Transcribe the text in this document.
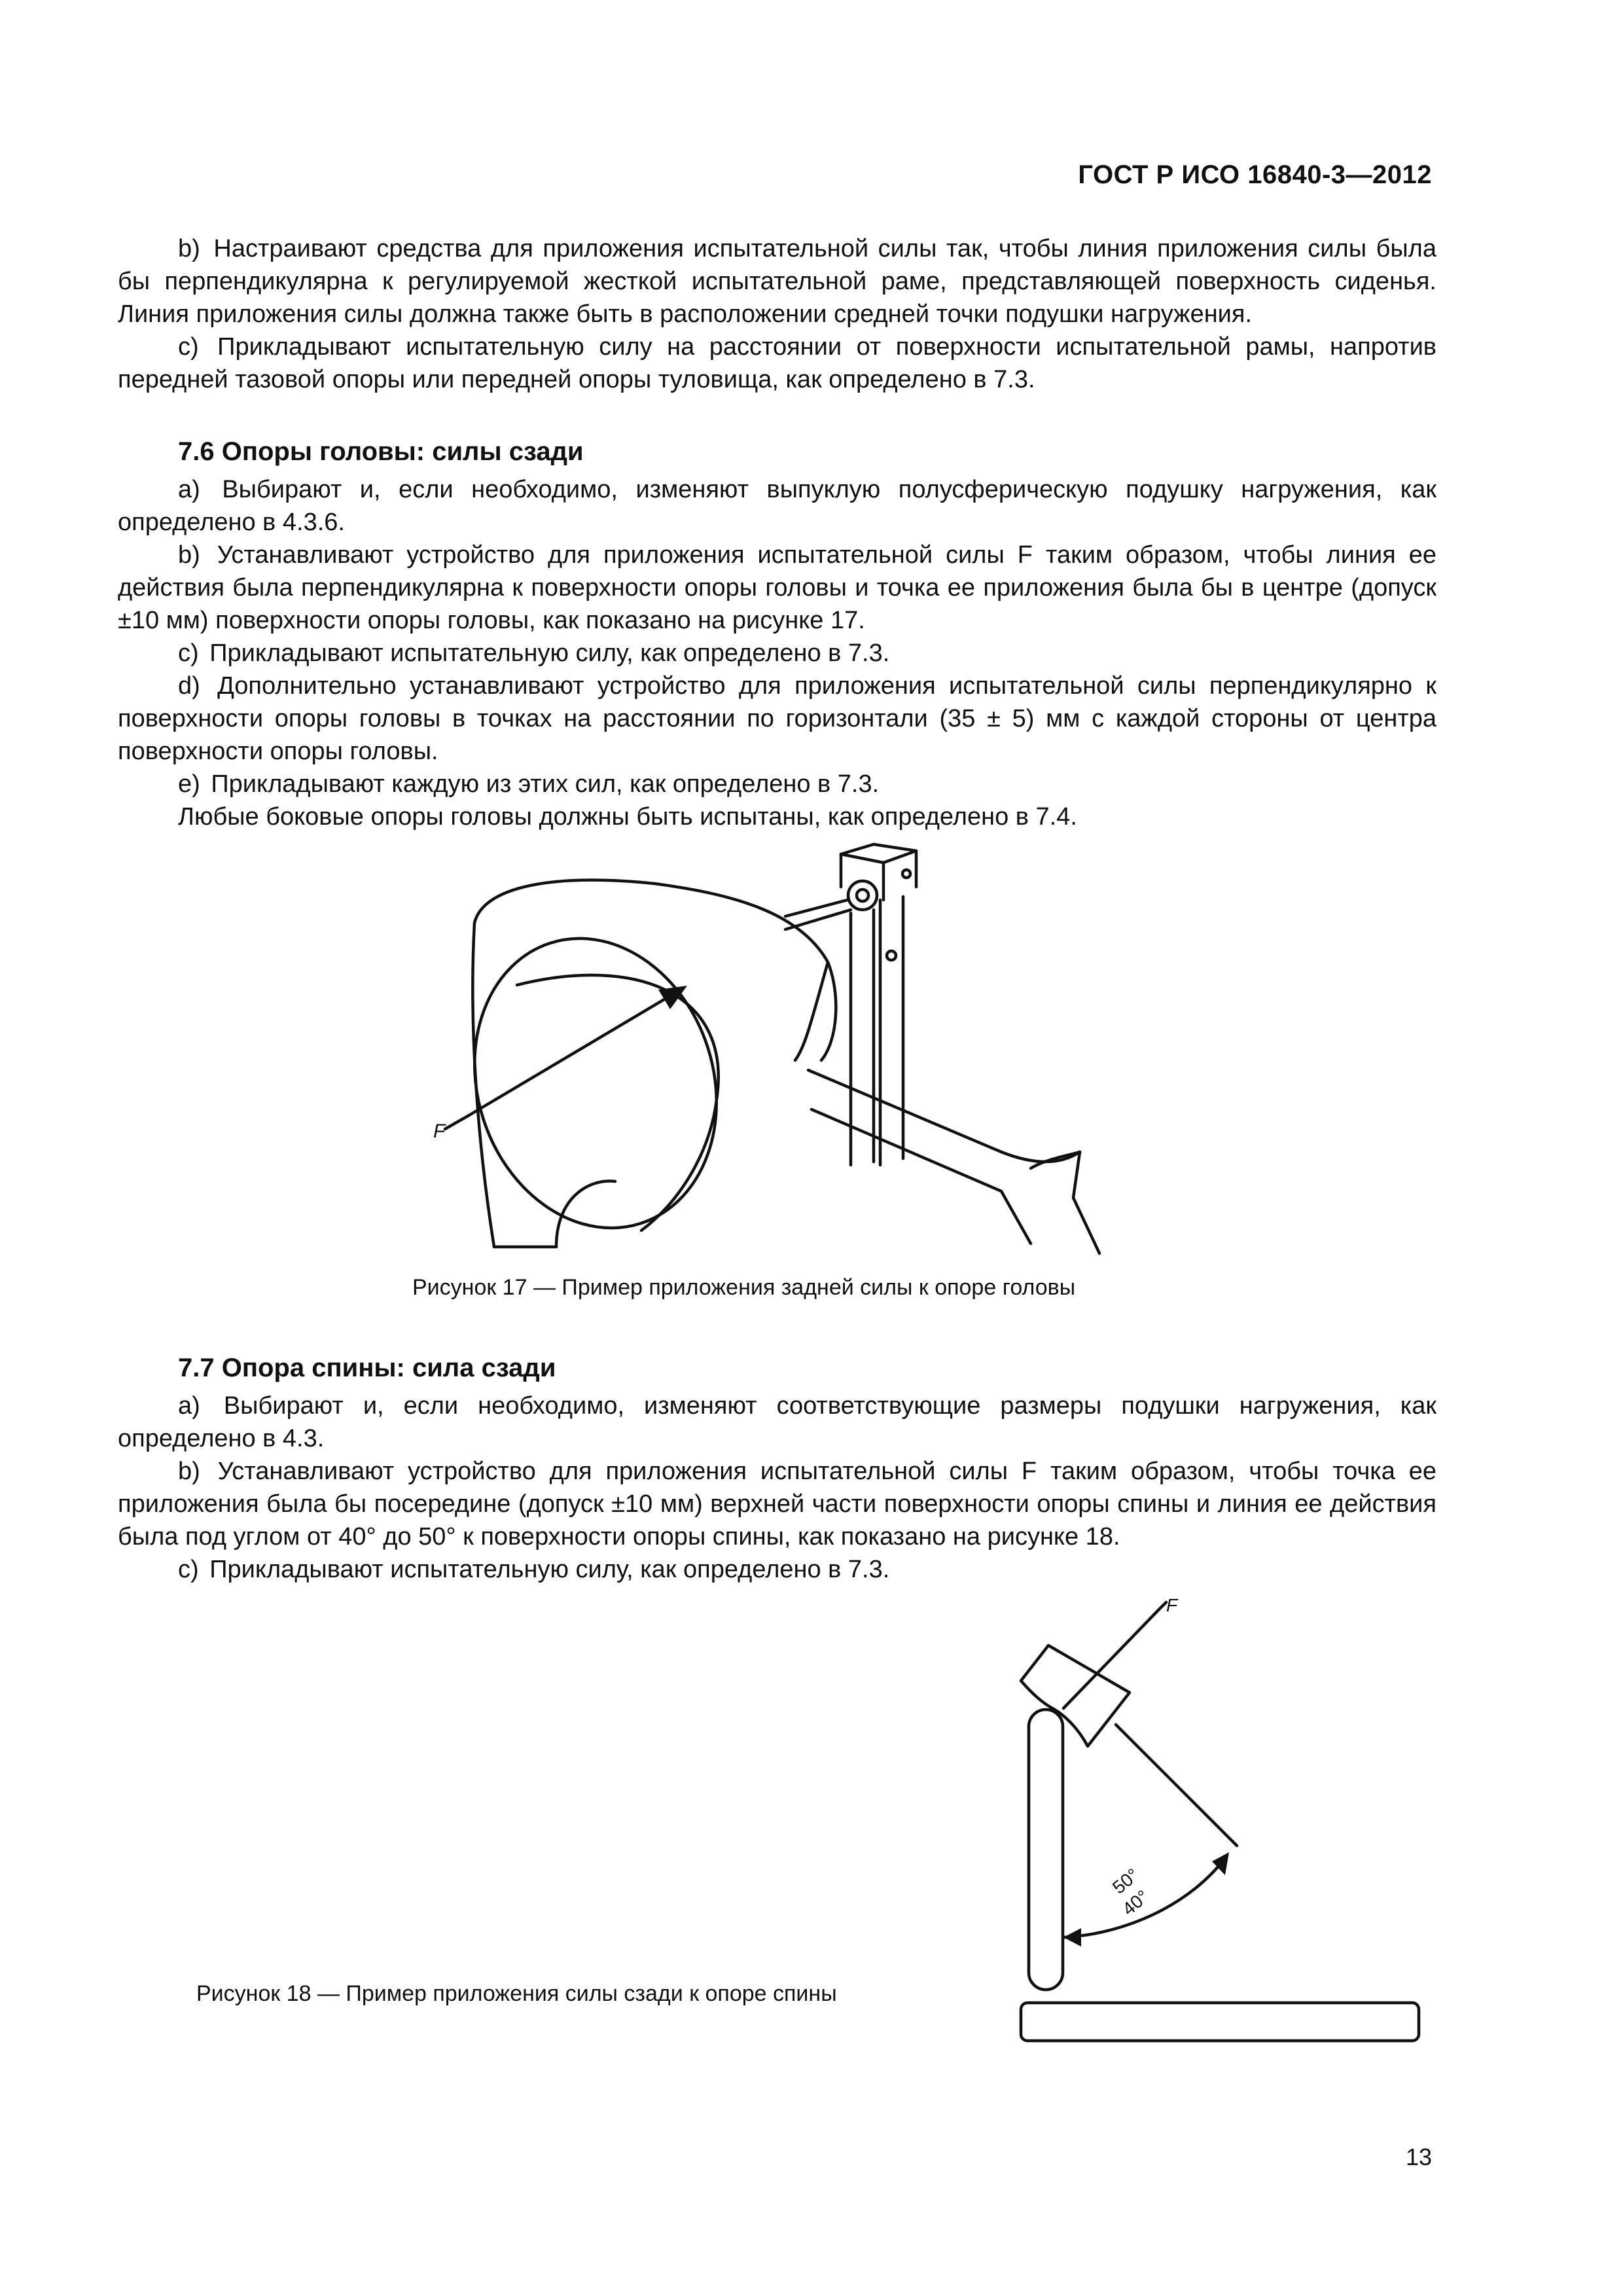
ГОСТ Р ИСО 16840-3—2012

b) Настраивают средства для приложения испытательной силы так, чтобы линия приложения силы была бы перпендикулярна к регулируемой жесткой испытательной раме, представляющей поверхность сиденья. Линия приложения силы должна также быть в расположении средней точки подушки нагружения.

c) Прикладывают испытательную силу на расстоянии от поверхности испытательной рамы, напротив передней тазовой опоры или передней опоры туловища, как определено в 7.3.

7.6 Опоры головы: силы сзади

a) Выбирают и, если необходимо, изменяют выпуклую полусферическую подушку нагружения, как определено в 4.3.6.

b) Устанавливают устройство для приложения испытательной силы F таким образом, чтобы линия ее действия была перпендикулярна к поверхности опоры головы и точка ее приложения была бы в центре (допуск ±10 мм) поверхности опоры головы, как показано на рисунке 17.

c) Прикладывают испытательную силу, как определено в 7.3.

d) Дополнительно устанавливают устройство для приложения испытательной силы перпендикулярно к поверхности опоры головы в точках на расстоянии по горизонтали (35 ± 5) мм с каждой стороны от центра поверхности опоры головы.

e) Прикладывают каждую из этих сил, как определено в 7.3.

Любые боковые опоры головы должны быть испытаны, как определено в 7.4.

F
Рисунок 17 — Пример приложения задней силы к опоре головы
7.7 Опора спины: сила сзади

a) Выбирают и, если необходимо, изменяют соответствующие размеры подушки нагружения, как определено в 4.3.

b) Устанавливают устройство для приложения испытательной силы F таким образом, чтобы точка ее приложения была бы посередине (допуск ±10 мм) верхней части поверхности опоры спины и линия ее действия была под углом от 40° до 50° к поверхности опоры спины, как показано на рисунке 18.

c) Прикладывают испытательную силу, как определено в 7.3.

F
50°
40°
Рисунок 18 — Пример приложения силы сзади к опоре спины
13
